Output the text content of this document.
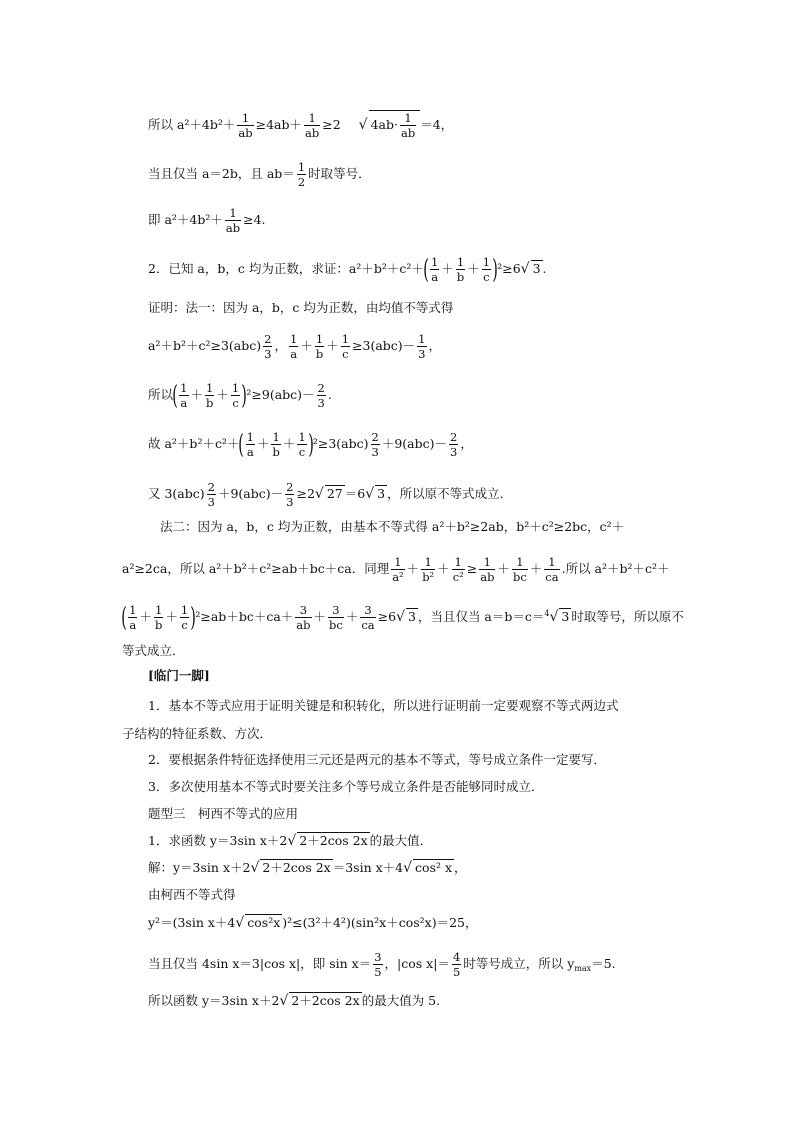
所以 $a^2+4b^2+ \frac{1}{ab} \ge 4ab+ \frac{1}{ab} \ge 2$ √ $4ab\cdot \frac{1}{ab} =4$，
当且仅当 a＝2b，且 $ab= \frac{1}{2}$ 时取等号．
即 $a^2+4b^2+ \frac{1}{ab} \ge 4$.
2．已知 a，b，c 均为正数，求证：$a^2+b^2+c^2+( \frac{1}{a} + \frac{1}{b} + \frac{1}{c} )^2\ge 6√$ 3 .
证明：法一：因为 a，b，c 均为正数，由均值不等式得
$a^2+b^2+c^2\ge 3(abc) \frac{2}{3}$ ， $\frac{1}{a} + \frac{1}{b} + \frac{1}{c} \ge 3(abc)- \frac{1}{3}$ ，
所以( $\frac{1}{a} + \frac{1}{b} + \frac{1}{c} )^2\ge 9(abc)- \frac{2}{3}$ .
故 $a^2+b^2+c^2+( \frac{1}{a} + \frac{1}{b} + \frac{1}{c} )^2\ge 3(abc) \frac{2}{3} +9(abc)- \frac{2}{3}$ ，
又 $3(abc) \frac{2}{3} +9(abc)- \frac{2}{3} \ge 2√$ 27 ＝6√ 3 ，所以原不等式成立．
法二：因为 a，b，c 均为正数，由基本不等式得 a²＋b²≥2ab，b²＋c²≥2bc，c²＋
a²≥2ca，所以 a²＋b²＋c²≥ab＋bc＋ca．同理 $\frac{1}{\text{a²}} + \frac{1}{\text{b²}} + \frac{1}{\text{c²}} \ge \frac{1}{ab} + \frac{1}{bc} + \frac{1}{ca}$ .所以 a²＋b²＋c²＋
( $\frac{1}{a} + \frac{1}{b} + \frac{1}{c} )^2\ge ab+bc+ca+ \frac{3}{ab} + \frac{3}{bc} + \frac{3}{ca} \ge 6√$ 3 ，当且仅当 a＝b＝c＝$^4$√ 3 时取等号，所以原不
等式成立．
[临门一脚]
1．基本不等式应用于证明关键是和积转化，所以进行证明前一定要观察不等式两边式
子结构的特征系数、方次．
2．要根据条件特征选择使用三元还是两元的基本不等式，等号成立条件一定要写．
3．多次使用基本不等式时要关注多个等号成立条件是否能够同时成立．
题型三　柯西不等式的应用
1．求函数 y＝3sin x＋2√ 2＋2cos 2x 的最大值．
解：y＝3sin x＋2√ 2＋2cos 2x ＝3sin x＋4√ cos² x ，
由柯西不等式得
y²＝(3sin x＋4√ cos²x )²≤(3²＋4²)(sin²x＋cos²x)＝25，
当且仅当 4sin x＝3|cos x|，即 $\sin x= \frac{3}{5}$ ，|cos $x|= \frac{4}{5}$ 时等号成立，所以 $y_{max}=5$.
所以函数 y＝3sin x＋2√ 2＋2cos 2x 的最大值为 5.
